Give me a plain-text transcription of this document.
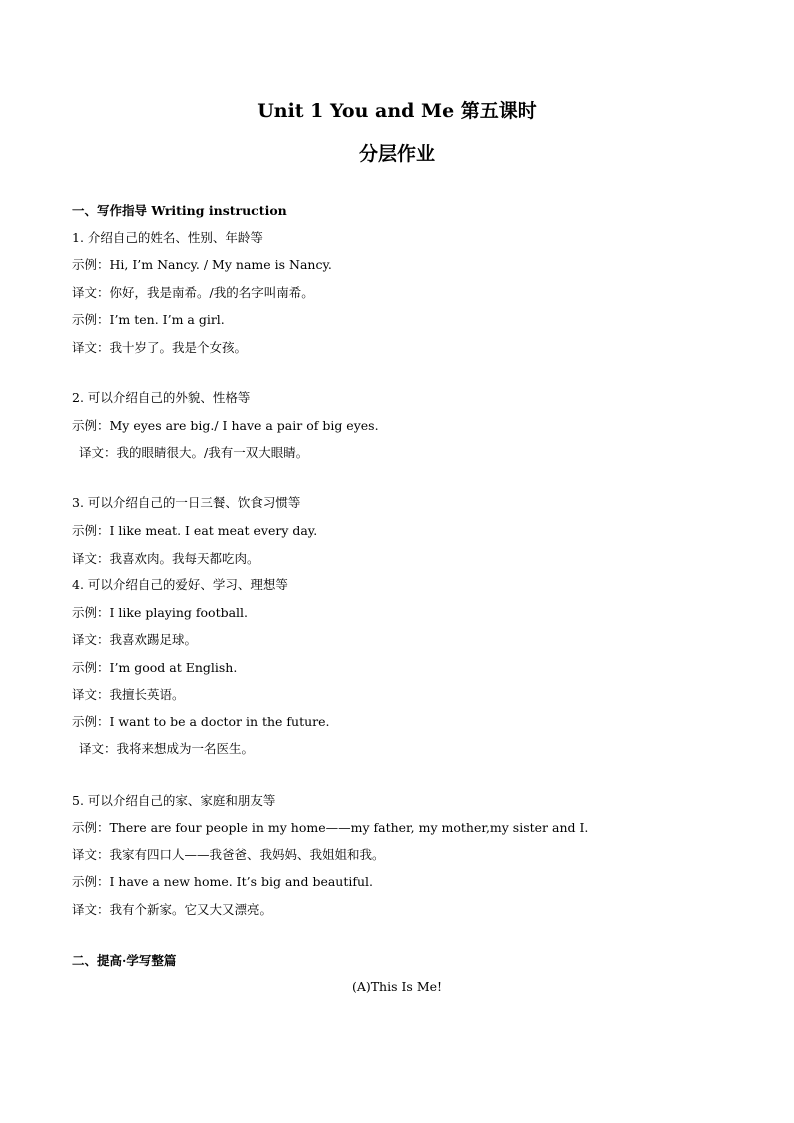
Unit 1 You and Me 第五课时
分层作业
一、写作指导 Writing instruction
1. 介绍自己的姓名、性别、年龄等
示例：Hi, I’m Nancy. / My name is Nancy.
译文：你好，我是南希。/我的名字叫南希。
示例：I’m ten. I’m a girl.
译文：我十岁了。我是个女孩。
2. 可以介绍自己的外貌、性格等
示例：My eyes are big./ I have a pair of big eyes.
译文：我的眼睛很大。/我有一双大眼睛。
3. 可以介绍自己的一日三餐、饮食习惯等
示例：I like meat. I eat meat every day.
译文：我喜欢肉。我每天都吃肉。
4. 可以介绍自己的爱好、学习、理想等
示例：I like playing football.
译文：我喜欢踢足球。
示例：I’m good at English.
译文：我擅长英语。
示例：I want to be a doctor in the future.
译文：我将来想成为一名医生。
5. 可以介绍自己的家、家庭和朋友等
示例：There are four people in my home——my father, my mother,my sister and I.
译文：我家有四口人——我爸爸、我妈妈、我姐姐和我。
示例：I have a new home. It’s big and beautiful.
译文：我有个新家。它又大又漂亮。
二、提高·学写整篇
(A)This Is Me!
